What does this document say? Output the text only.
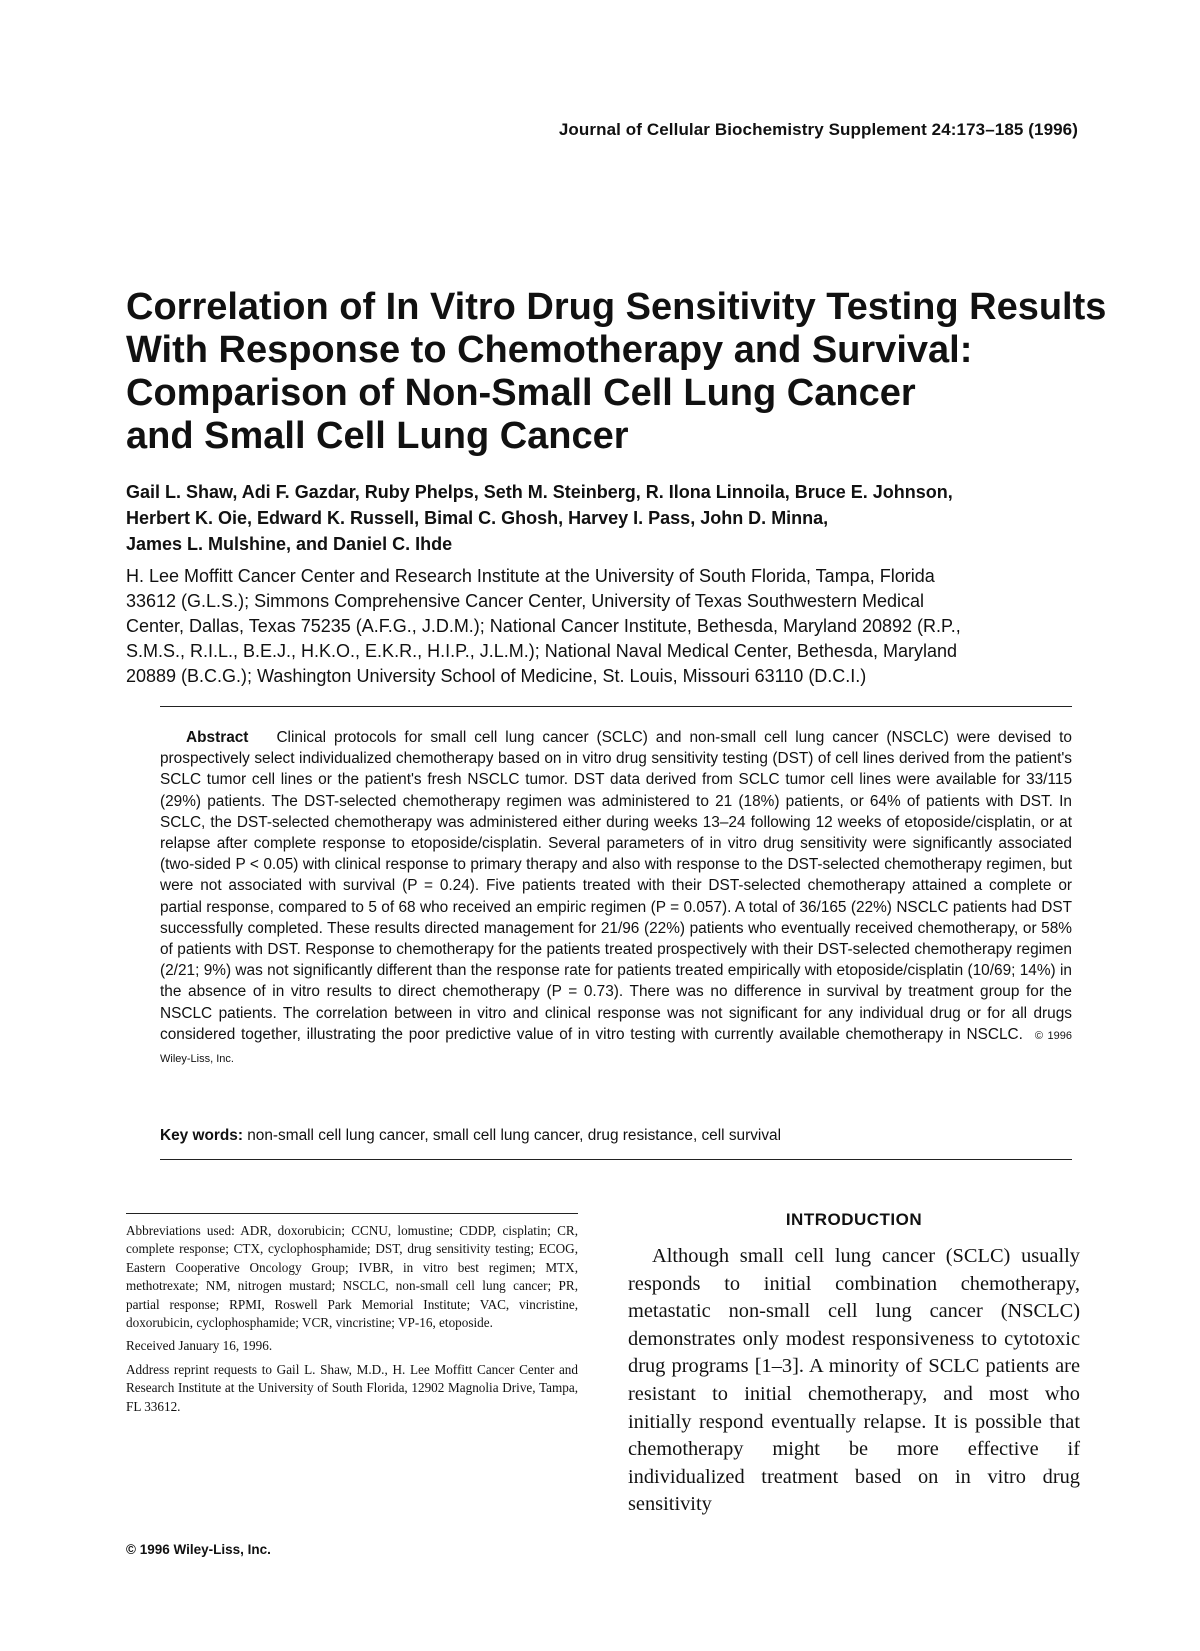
Journal of Cellular Biochemistry Supplement 24:173–185 (1996)
Correlation of In Vitro Drug Sensitivity Testing Results
With Response to Chemotherapy and Survival:
Comparison of Non-Small Cell Lung Cancer
and Small Cell Lung Cancer
Gail L. Shaw, Adi F. Gazdar, Ruby Phelps, Seth M. Steinberg, R. Ilona Linnoila, Bruce E. Johnson,
Herbert K. Oie, Edward K. Russell, Bimal C. Ghosh, Harvey I. Pass, John D. Minna,
James L. Mulshine, and Daniel C. Ihde
H. Lee Moffitt Cancer Center and Research Institute at the University of South Florida, Tampa, Florida
33612 (G.L.S.); Simmons Comprehensive Cancer Center, University of Texas Southwestern Medical
Center, Dallas, Texas 75235 (A.F.G., J.D.M.); National Cancer Institute, Bethesda, Maryland 20892 (R.P.,
S.M.S., R.I.L., B.E.J., H.K.O., E.K.R., H.I.P., J.L.M.); National Naval Medical Center, Bethesda, Maryland
20889 (B.C.G.); Washington University School of Medicine, St. Louis, Missouri 63110 (D.C.I.)
Abstract Clinical protocols for small cell lung cancer (SCLC) and non-small cell lung cancer (NSCLC) were devised to prospectively select individualized chemotherapy based on in vitro drug sensitivity testing (DST) of cell lines derived from the patient's SCLC tumor cell lines or the patient's fresh NSCLC tumor. DST data derived from SCLC tumor cell lines were available for 33/115 (29%) patients. The DST-selected chemotherapy regimen was administered to 21 (18%) patients, or 64% of patients with DST. In SCLC, the DST-selected chemotherapy was administered either during weeks 13–24 following 12 weeks of etoposide/cisplatin, or at relapse after complete response to etoposide/cisplatin. Several parameters of in vitro drug sensitivity were significantly associated (two-sided P < 0.05) with clinical response to primary therapy and also with response to the DST-selected chemotherapy regimen, but were not associated with survival (P = 0.24). Five patients treated with their DST-selected chemotherapy attained a complete or partial response, compared to 5 of 68 who received an empiric regimen (P = 0.057). A total of 36/165 (22%) NSCLC patients had DST successfully completed. These results directed management for 21/96 (22%) patients who eventually received chemotherapy, or 58% of patients with DST. Response to chemotherapy for the patients treated prospectively with their DST-selected chemotherapy regimen (2/21; 9%) was not significantly different than the response rate for patients treated empirically with etoposide/cisplatin (10/69; 14%) in the absence of in vitro results to direct chemotherapy (P = 0.73). There was no difference in survival by treatment group for the NSCLC patients. The correlation between in vitro and clinical response was not significant for any individual drug or for all drugs considered together, illustrating the poor predictive value of in vitro testing with currently available chemotherapy in NSCLC. © 1996 Wiley-Liss, Inc.
Key words: non-small cell lung cancer, small cell lung cancer, drug resistance, cell survival

Abbreviations used: ADR, doxorubicin; CCNU, lomustine; CDDP, cisplatin; CR, complete response; CTX, cyclophosphamide; DST, drug sensitivity testing; ECOG, Eastern Cooperative Oncology Group; IVBR, in vitro best regimen; MTX, methotrexate; NM, nitrogen mustard; NSCLC, non-small cell lung cancer; PR, partial response; RPMI, Roswell Park Memorial Institute; VAC, vincristine, doxorubicin, cyclophosphamide; VCR, vincristine; VP-16, etoposide.

Received January 16, 1996.

Address reprint requests to Gail L. Shaw, M.D., H. Lee Moffitt Cancer Center and Research Institute at the University of South Florida, 12902 Magnolia Drive, Tampa, FL 33612.

© 1996 Wiley-Liss, Inc.
INTRODUCTION

Although small cell lung cancer (SCLC) usually responds to initial combination chemotherapy, metastatic non-small cell lung cancer (NSCLC) demonstrates only modest responsiveness to cytotoxic drug programs [1–3]. A minority of SCLC patients are resistant to initial chemotherapy, and most who initially respond eventually relapse. It is possible that chemotherapy might be more effective if individualized treatment based on in vitro drug sensitivity
